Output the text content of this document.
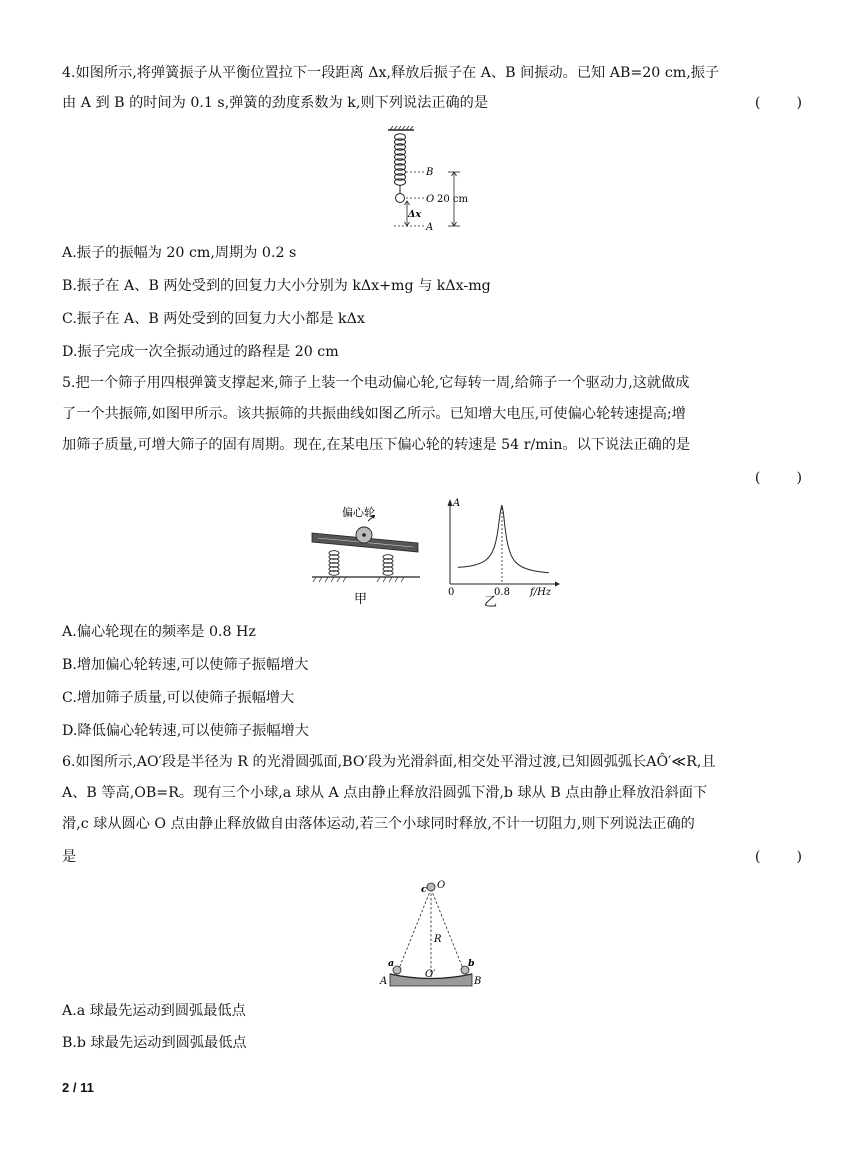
4.如图所示,将弹簧振子从平衡位置拉下一段距离 Δx,释放后振子在 A、B 间振动。已知 AB=20 cm,振子
由 A 到 B 的时间为 0.1 s,弹簧的劲度系数为 k,则下列说法正确的是	(        )
B
O 20 cm
Δx
A
A.振子的振幅为 20 cm,周期为 0.2 s
B.振子在 A、B 两处受到的回复力大小分别为 kΔx+mg 与 kΔx-mg
C.振子在 A、B 两处受到的回复力大小都是 kΔx
D.振子完成一次全振动通过的路程是 20 cm
5.把一个筛子用四根弹簧支撑起来,筛子上装一个电动偏心轮,它每转一周,给筛子一个驱动力,这就做成
了一个共振筛,如图甲所示。该共振筛的共振曲线如图乙所示。已知增大电压,可使偏心轮转速提高;增
加筛子质量,可增大筛子的固有周期。现在,在某电压下偏心轮的转速是 54 r/min。以下说法正确的是
(        )
偏心轮
甲
A
0	0.8 f/Hz
乙
A.偏心轮现在的频率是 0.8 Hz
B.增加偏心轮转速,可以使筛子振幅增大
C.增加筛子质量,可以使筛子振幅增大
D.降低偏心轮转速,可以使筛子振幅增大
6.如图所示,AO′段是半径为 R 的光滑圆弧面,BO′段为光滑斜面,相交处平滑过渡,已知圆弧弧长AÔ′≪R,且
A、B 等高,OB=R。现有三个小球,a 球从 A 点由静止释放沿圆弧下滑,b 球从 B 点由静止释放沿斜面下
滑,c 球从圆心 O 点由静止释放做自由落体运动,若三个小球同时释放,不计一切阻力,则下列说法正确的
是	(        )
c O
R
a	b
A
O′
B
A.a 球最先运动到圆弧最低点
B.b 球最先运动到圆弧最低点
2 / 11
